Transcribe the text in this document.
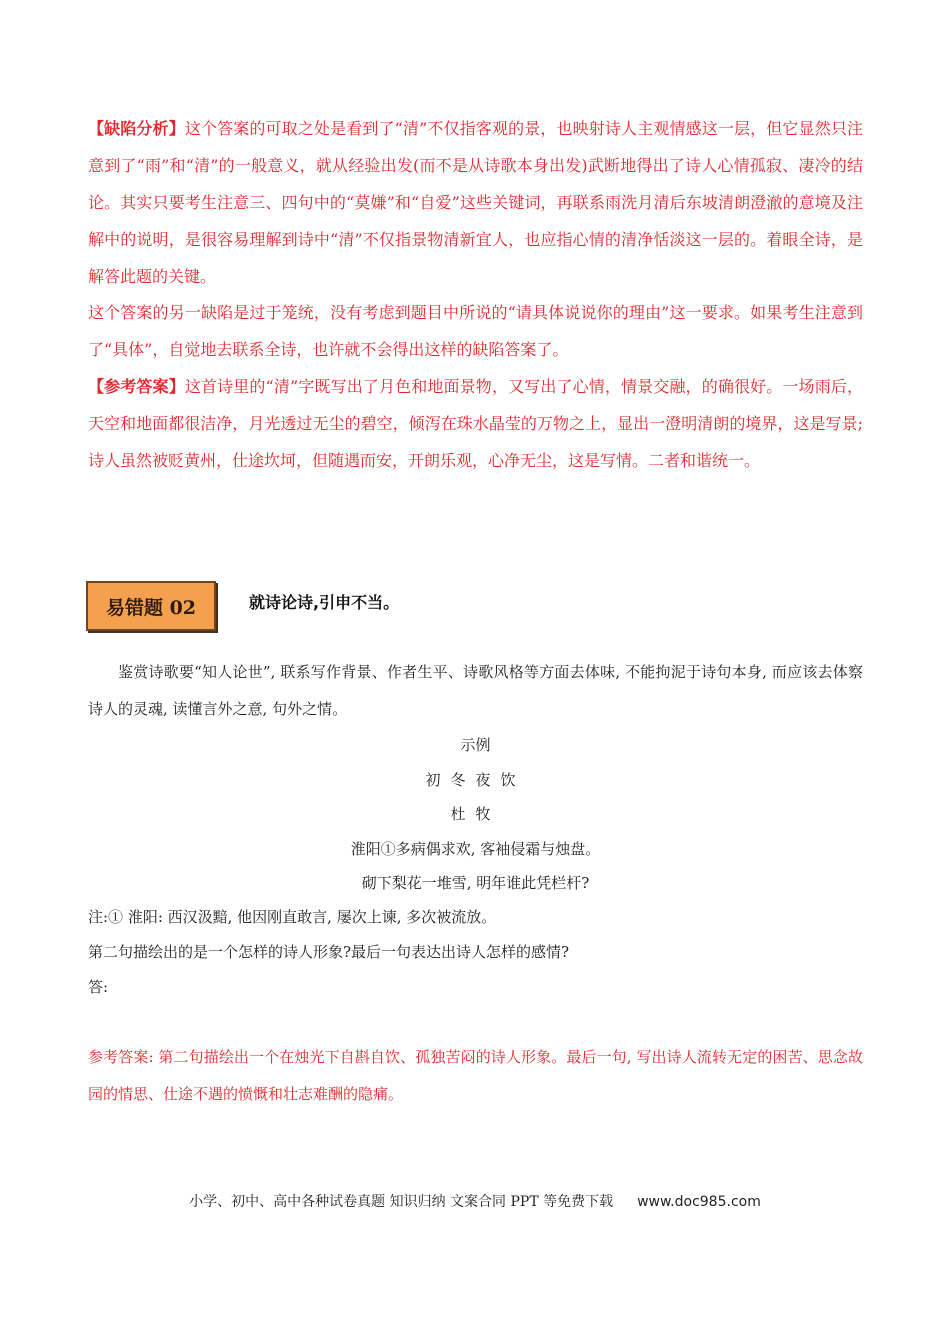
【缺陷分析】这个答案的可取之处是看到了“清”不仅指客观的景，也映射诗人主观情感这一层，但它显然只注意到了“雨”和“清”的一般意义，就从经验出发(而不是从诗歌本身出发)武断地得出了诗人心情孤寂、凄冷的结论。其实只要考生注意三、四句中的“莫嫌”和“自爱”这些关键词，再联系雨洗月清后东坡清朗澄澈的意境及注解中的说明，是很容易理解到诗中“清”不仅指景物清新宜人，也应指心情的清净恬淡这一层的。着眼全诗，是解答此题的关键。
这个答案的另一缺陷是过于笼统，没有考虑到题目中所说的“请具体说说你的理由”这一要求。如果考生注意到了“具体”，自觉地去联系全诗，也许就不会得出这样的缺陷答案了。
【参考答案】这首诗里的“清”字既写出了月色和地面景物，又写出了心情，情景交融，的确很好。一场雨后，天空和地面都很洁净，月光透过无尘的碧空，倾泻在珠水晶莹的万物之上，显出一澄明清朗的境界，这是写景;诗人虽然被贬黄州，仕途坎坷，但随遇而安，开朗乐观，心净无尘，这是写情。二者和谐统一。
易错题 02	就诗论诗,引申不当。
鉴赏诗歌要“知人论世”, 联系写作背景、作者生平、诗歌风格等方面去体味, 不能拘泥于诗句本身, 而应该去体察诗人的灵魂, 读懂言外之意, 句外之情。
示例
初冬夜饮
杜牧
淮阳①多病偶求欢, 客袖侵霜与烛盘。
砌下梨花一堆雪, 明年谁此凭栏杆?
注:① 淮阳: 西汉汲黯, 他因刚直敢言, 屡次上谏, 多次被流放。
第二句描绘出的是一个怎样的诗人形象?最后一句表达出诗人怎样的感情?
答:
参考答案: 第二句描绘出一个在烛光下自斟自饮、孤独苦闷的诗人形象。最后一句, 写出诗人流转无定的困苦、思念故园的情思、仕途不遇的愤慨和壮志难酬的隐痛。
小学、初中、高中各种试卷真题 知识归纳 文案合同 PPT 等免费下载 www.doc985.com
